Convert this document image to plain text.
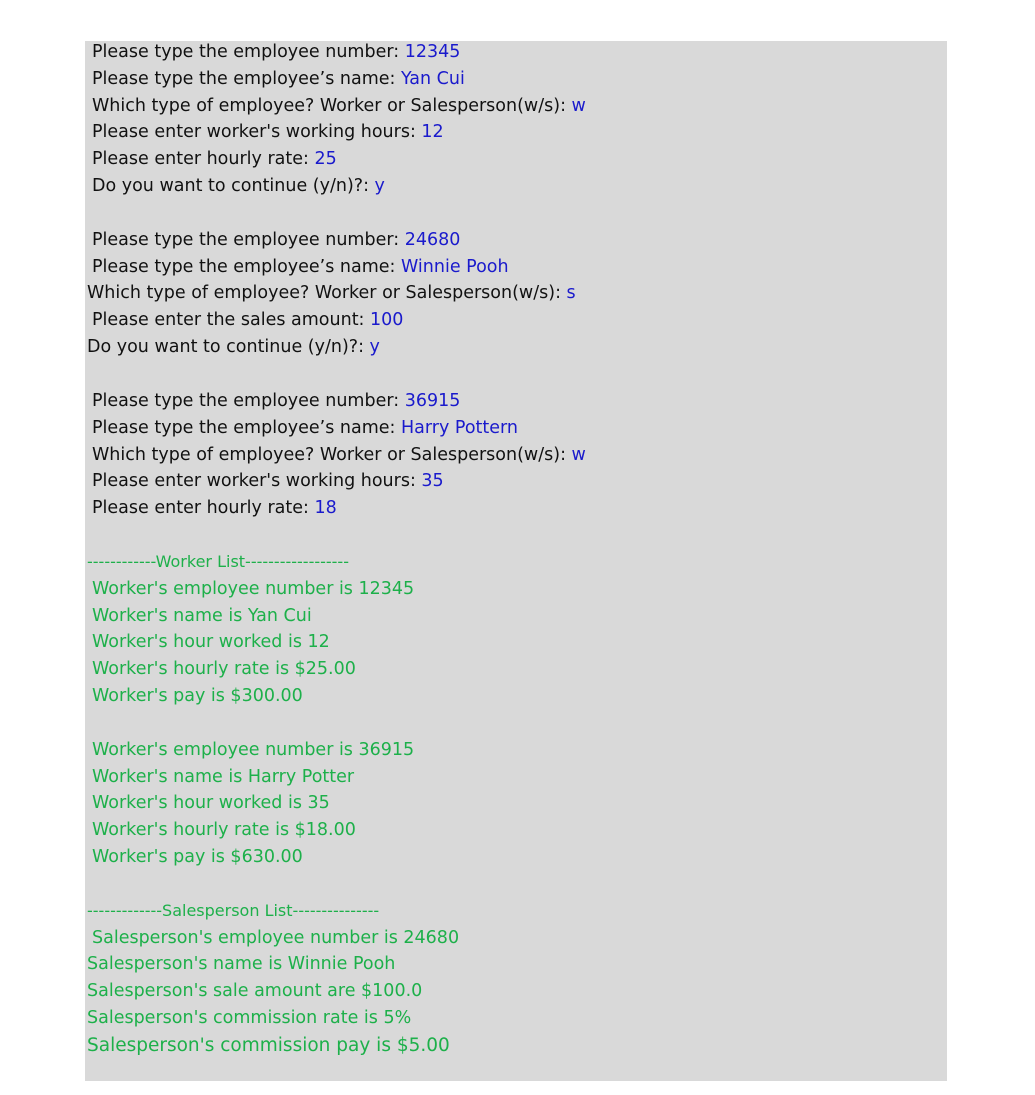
Please type the employee number: 12345
Please type the employee’s name: Yan Cui
Which type of employee? Worker or Salesperson(w/s): w
Please enter worker's working hours: 12
Please enter hourly rate: 25
Do you want to continue (y/n)?: y
Please type the employee number: 24680
Please type the employee’s name: Winnie Pooh
Which type of employee? Worker or Salesperson(w/s): s
Please enter the sales amount: 100
Do you want to continue (y/n)?: y
Please type the employee number: 36915
Please type the employee’s name: Harry Pottern
Which type of employee? Worker or Salesperson(w/s): w
Please enter worker's working hours: 35
Please enter hourly rate: 18
------------Worker List------------------
Worker's employee number is 12345
Worker's name is Yan Cui
Worker's hour worked is 12
Worker's hourly rate is $25.00
Worker's pay is $300.00
Worker's employee number is 36915
Worker's name is Harry Potter
Worker's hour worked is 35
Worker's hourly rate is $18.00
Worker's pay is $630.00
-------------Salesperson List---------------
Salesperson's employee number is 24680
Salesperson's name is Winnie Pooh
Salesperson's sale amount are $100.0
Salesperson's commission rate is 5%
Salesperson's commission pay is $5.00
